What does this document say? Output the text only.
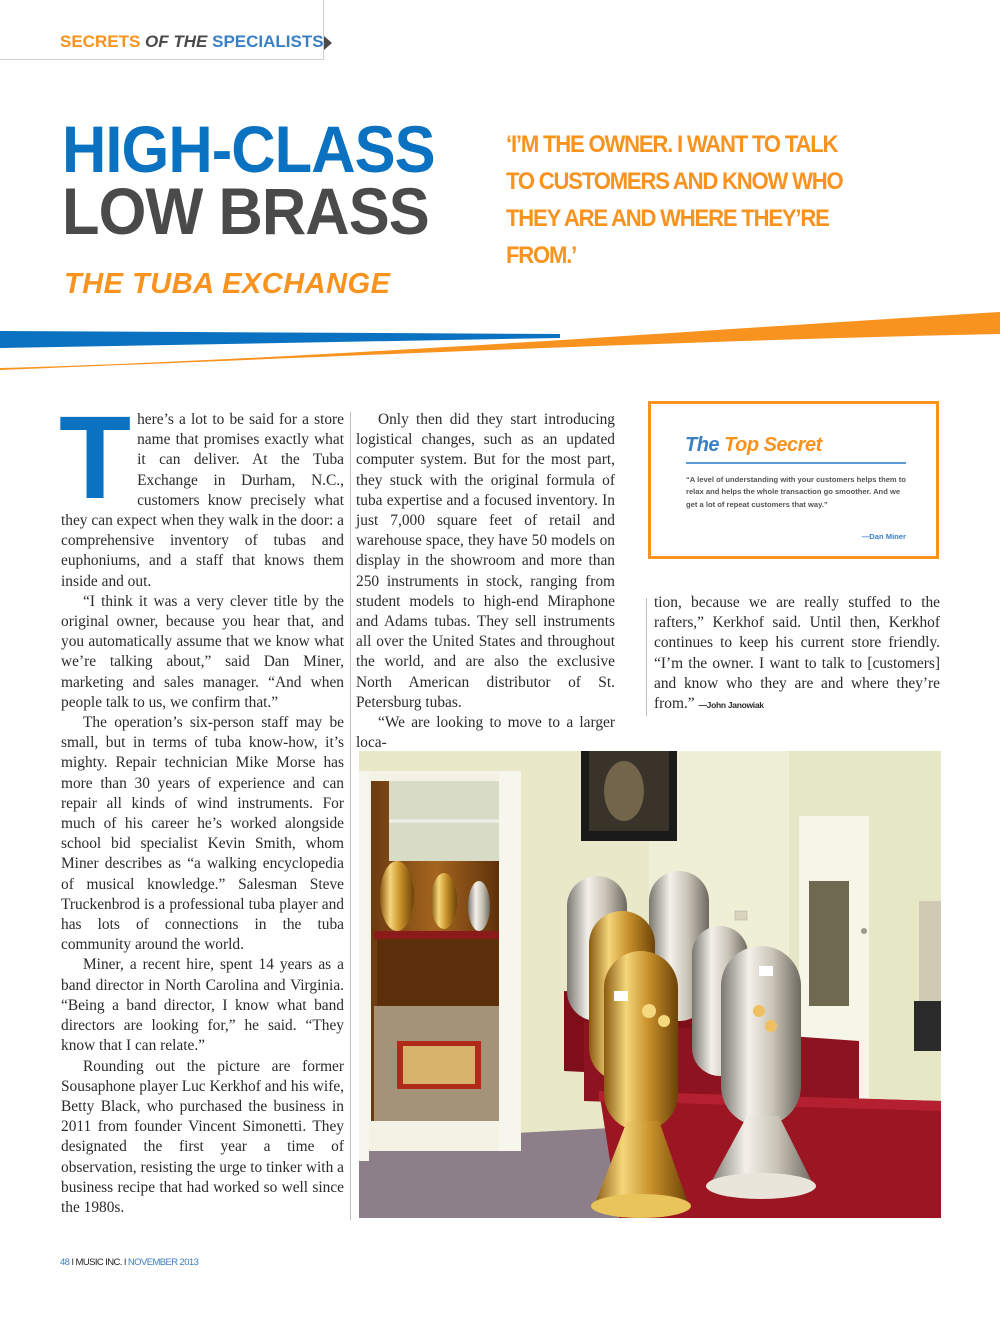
SECRETS OF THE SPECIALISTS
HIGH-CLASS
LOW BRASS
THE TUBA EXCHANGE
‘I’M THE OWNER. I WANT TO TALK TO CUSTOMERS AND KNOW WHO THEY ARE AND WHERE THEY’RE FROM.’

There’s a lot to be said for a store name that promises exactly what it can deliver. At the Tuba Exchange in Durham, N.C., customers know precisely what they can expect when they walk in the door: a comprehensive inventory of tubas and euphoniums, and a staff that knows them inside and out.

“I think it was a very clever title by the original owner, because you hear that, and you automatically assume that we know what we’re talking about,” said Dan Miner, marketing and sales manager. “And when people talk to us, we confirm that.”

The operation’s six-person staff may be small, but in terms of tuba know-how, it’s mighty. Repair technician Mike Morse has more than 30 years of experience and can repair all kinds of wind instruments. For much of his career he’s worked alongside school bid specialist Kevin Smith, whom Miner describes as “a walking encyclopedia of musical knowledge.” Salesman Steve Truckenbrod is a professional tuba player and has lots of connections in the tuba community around the world.

Miner, a recent hire, spent 14 years as a band director in North Carolina and Virginia. “Being a band director, I know what band directors are looking for,” he said. “They know that I can relate.”

Rounding out the picture are former Sousaphone player Luc Kerkhof and his wife, Betty Black, who purchased the business in 2011 from founder Vincent Simonetti. They designated the first year a time of observation, resisting the urge to tinker with a business recipe that had worked so well since the 1980s.

Only then did they start introducing logistical changes, such as an updated computer system. But for the most part, they stuck with the original formula of tuba expertise and a focused inventory. In just 7,000 square feet of retail and warehouse space, they have 50 models on display in the showroom and more than 250 instruments in stock, ranging from student models to high-end Miraphone and Adams tubas. They sell instruments all over the United States and throughout the world, and are also the exclusive North American distributor of St. Petersburg tubas.

“We are looking to move to a larger loca-

tion, because we are really stuffed to the rafters,” Kerkhof said. Until then, Kerkhof continues to keep his current store friendly. “I’m the owner. I want to talk to [customers] and know who they are and where they’re from.” —John Janowiak

The Top Secret
“A level of understanding with your customers helps them to relax and helps the whole transaction go smoother. And we get a lot of repeat customers that way.”
—Dan Miner
48 I MUSIC INC. I NOVEMBER 2013
